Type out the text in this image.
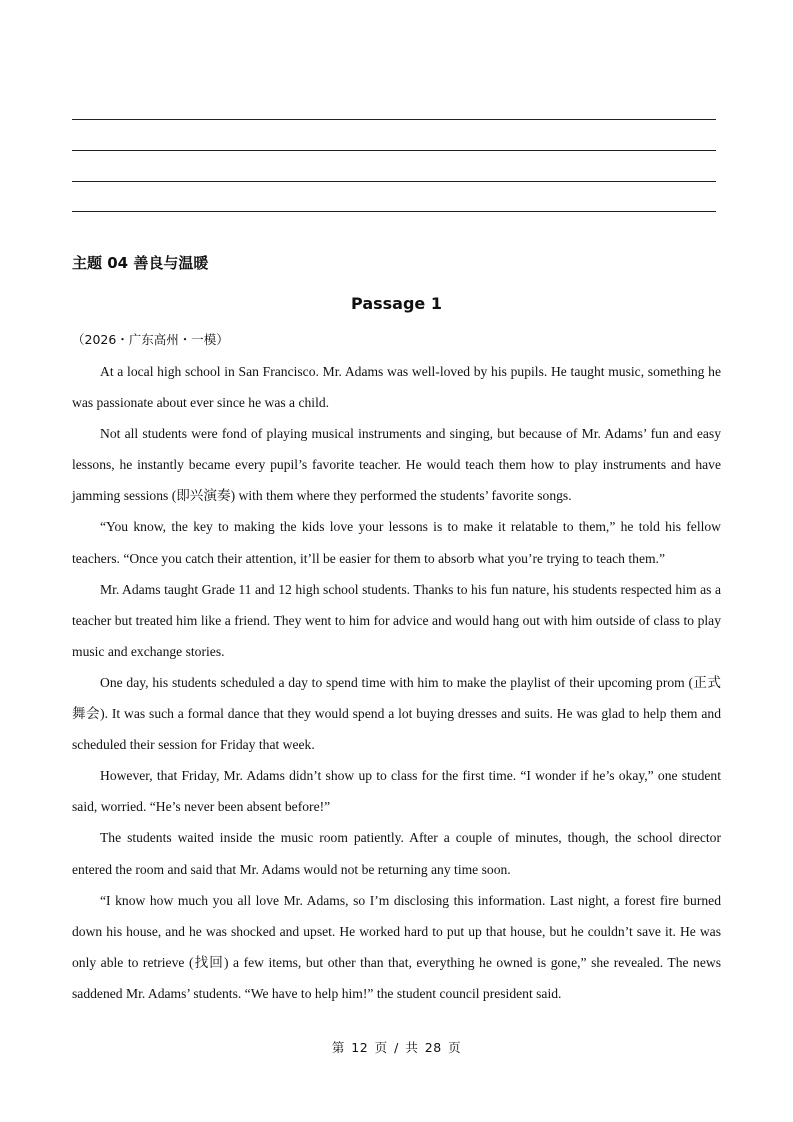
主题 04 善良与温暖
Passage 1
（2026・广东高州・一模）

At a local high school in San Francisco. Mr. Adams was well-loved by his pupils. He taught music, something he was passionate about ever since he was a child.

Not all students were fond of playing musical instruments and singing, but because of Mr. Adams’ fun and easy lessons, he instantly became every pupil’s favorite teacher. He would teach them how to play instruments and have jamming sessions (即兴演奏) with them where they performed the students’ favorite songs.

“You know, the key to making the kids love your lessons is to make it relatable to them,” he told his fellow teachers. “Once you catch their attention, it’ll be easier for them to absorb what you’re trying to teach them.”

Mr. Adams taught Grade 11 and 12 high school students. Thanks to his fun nature, his students respected him as a teacher but treated him like a friend. They went to him for advice and would hang out with him outside of class to play music and exchange stories.

One day, his students scheduled a day to spend time with him to make the playlist of their upcoming prom (正式舞会). It was such a formal dance that they would spend a lot buying dresses and suits. He was glad to help them and scheduled their session for Friday that week.

However, that Friday, Mr. Adams didn’t show up to class for the first time. “I wonder if he’s okay,” one student said, worried. “He’s never been absent before!”

The students waited inside the music room patiently. After a couple of minutes, though, the school director entered the room and said that Mr. Adams would not be returning any time soon.

“I know how much you all love Mr. Adams, so I’m disclosing this information. Last night, a forest fire burned down his house, and he was shocked and upset. He worked hard to put up that house, but he couldn’t save it. He was only able to retrieve (找回) a few items, but other than that, everything he owned is gone,” she revealed. The news saddened Mr. Adams’ students. “We have to help him!” the student council president said.

第 12 页 / 共 28 页
